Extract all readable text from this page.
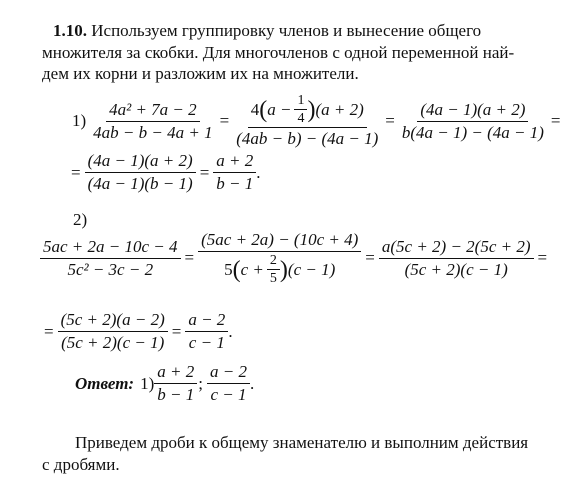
1.10. Используем группировку членов и вынесение общего
множителя за скобки. Для многочленов с одной переменной най-
дем их корни и разложим их на множители.
$1) \frac{\text{4a² + 7a − 2}}{4ab - b - 4a + 1}$ =
4 ( $a - \frac{1}{4}$ ) (a + 2)
(4ab − b) − (4a − 1)
= $\frac{(4a - 1)(a + 2)}{b(4a - 1) - (4a - 1)}$ =
= $\frac{(4a - 1)(a + 2)}{(4a - 1)(b - 1)} = \frac{a + 2}{b - 1}$ .
2)
$\frac{5ac + 2a - 10c - 4}{\text{5c² − 3c − 2}}$ =
(5ac + 2a) − (10c + 4)
5 ( $c + \frac{2}{5}$ ) (c − 1)
= $\frac{a(5c + 2) - 2(5c + 2)}{(5c + 2)(c - 1)}$ =
= $\frac{(5c + 2)(a - 2)}{(5c + 2)(c - 1)} = \frac{a - 2}{c - 1}$ .
Ответ: $1) \frac{a + 2}{b - 1}$ ; $\frac{a - 2}{c - 1}$ .
Приведем дроби к общему знаменателю и выполним действия
с дробями.
